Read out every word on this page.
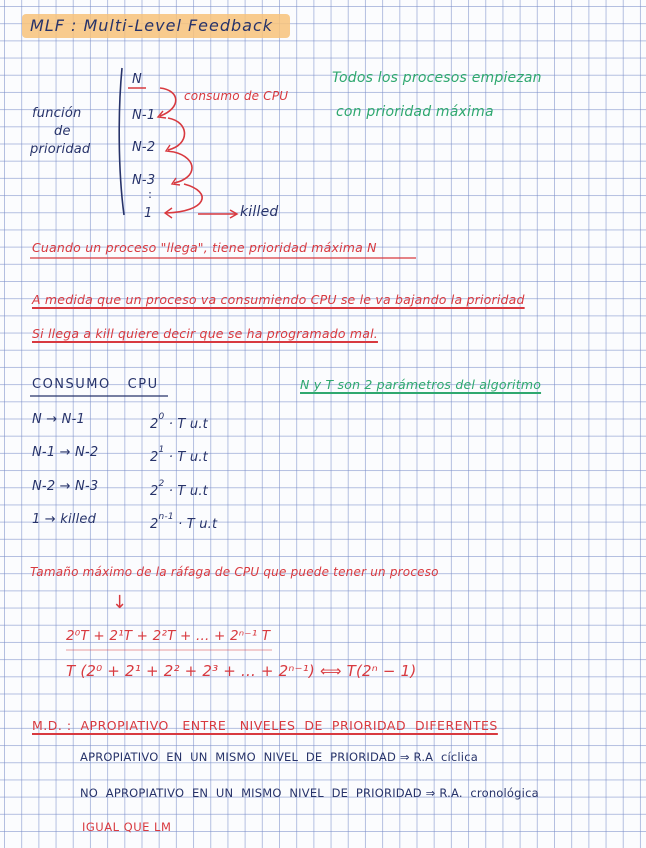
MLF : Multi-Level Feedback
función
de
prioridad
N
N-1
N-2
N-3
1
consumo de CPU
killed
Todos los procesos empiezan
con prioridad máxima
Cuando un proceso "llega", tiene prioridad máxima N
A medida que un proceso va consumiendo CPU se le va bajando la prioridad
Si llega a kill quiere decir que se ha programado mal.
CONSUMO   CPU	N y T son 2 parámetros del algoritmo
N → N-1	$2^0 \cdot T$ u.t
N-1 → N-2	$2^1 \cdot T$ u.t
N-2 → N-3	$2^2 \cdot T$ u.t
1 → killed	$2^{n-1} \cdot T$ u.t
Tamaño máximo de la ráfaga de CPU que puede tener un proceso
↓
2⁰T + 2¹T + 2²T + ... + 2ⁿ⁻¹ T
T (2⁰ + 2¹ + 2² + 2³ + ... + 2ⁿ⁻¹) ⟺ T(2ⁿ − 1)
M.D. :  APROPIATIVO   ENTRE   NIVELES  DE  PRIORIDAD  DIFERENTES
APROPIATIVO  EN  UN  MISMO  NIVEL  DE  PRIORIDAD ⇒ R.A  cíclica
NO  APROPIATIVO  EN  UN  MISMO  NIVEL  DE  PRIORIDAD ⇒ R.A.  cronológica
IGUAL QUE LM
